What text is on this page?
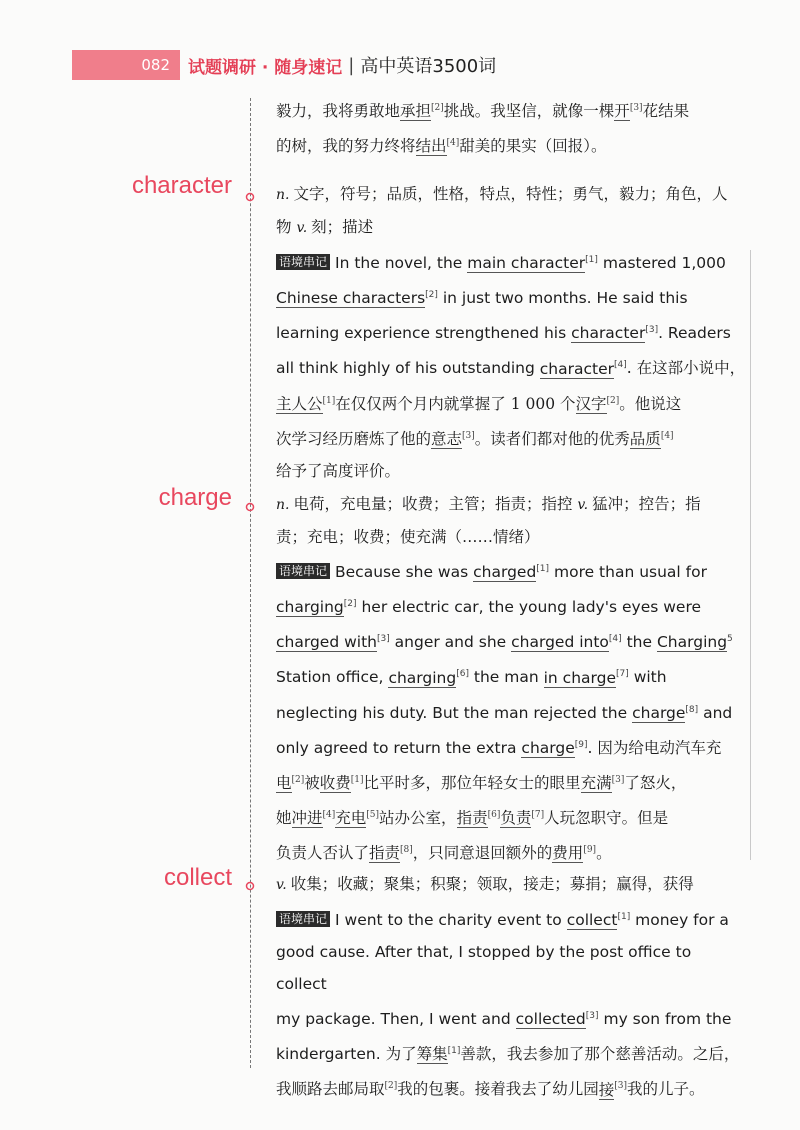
082	试题调研 · 随身速记 | 高中英语3500词
毅力，我将勇敢地承担[2]挑战。我坚信，就像一棵开[3]花结果
的树，我的努力终将结出[4]甜美的果实（回报）。
character	n. 文字，符号；品质，性格，特点，特性；勇气，毅力；角色，人
物 v. 刻；描述
语境串记 In the novel, the main character[1] mastered 1,000
Chinese characters[2] in just two months. He said this
learning experience strengthened his character[3]. Readers
all think highly of his outstanding character[4]. 在这部小说中，
主人公[1]在仅仅两个月内就掌握了 1 000 个汉字[2]。他说这
次学习经历磨炼了他的意志[3]。读者们都对他的优秀品质[4]
给予了高度评价。
charge	n. 电荷，充电量；收费；主管；指责；指控 v. 猛冲；控告；指
责；充电；收费；使充满（……情绪）
语境串记 Because she was charged[1] more than usual for
charging[2] her electric car, the young lady's eyes were
charged with[3] anger and she charged into[4] the Charging$^5$
Station office, charging[6] the man in charge[7] with
neglecting his duty. But the man rejected the charge[8] and
only agreed to return the extra charge[9]. 因为给电动汽车充
电[2]被收费[1]比平时多，那位年轻女士的眼里充满[3]了怒火，
她冲进[4]充电[5]站办公室，指责[6]负责[7]人玩忽职守。但是
负责人否认了指责[8]，只同意退回额外的费用[9]。
collect	v. 收集；收藏；聚集；积聚；领取，接走；募捐；赢得，获得
语境串记 I went to the charity event to collect[1] money for a
good cause. After that, I stopped by the post office to collect
my package. Then, I went and collected[3] my son from the
kindergarten. 为了筹集[1]善款，我去参加了那个慈善活动。之后，
我顺路去邮局取[2]我的包裹。接着我去了幼儿园接[3]我的儿子。
